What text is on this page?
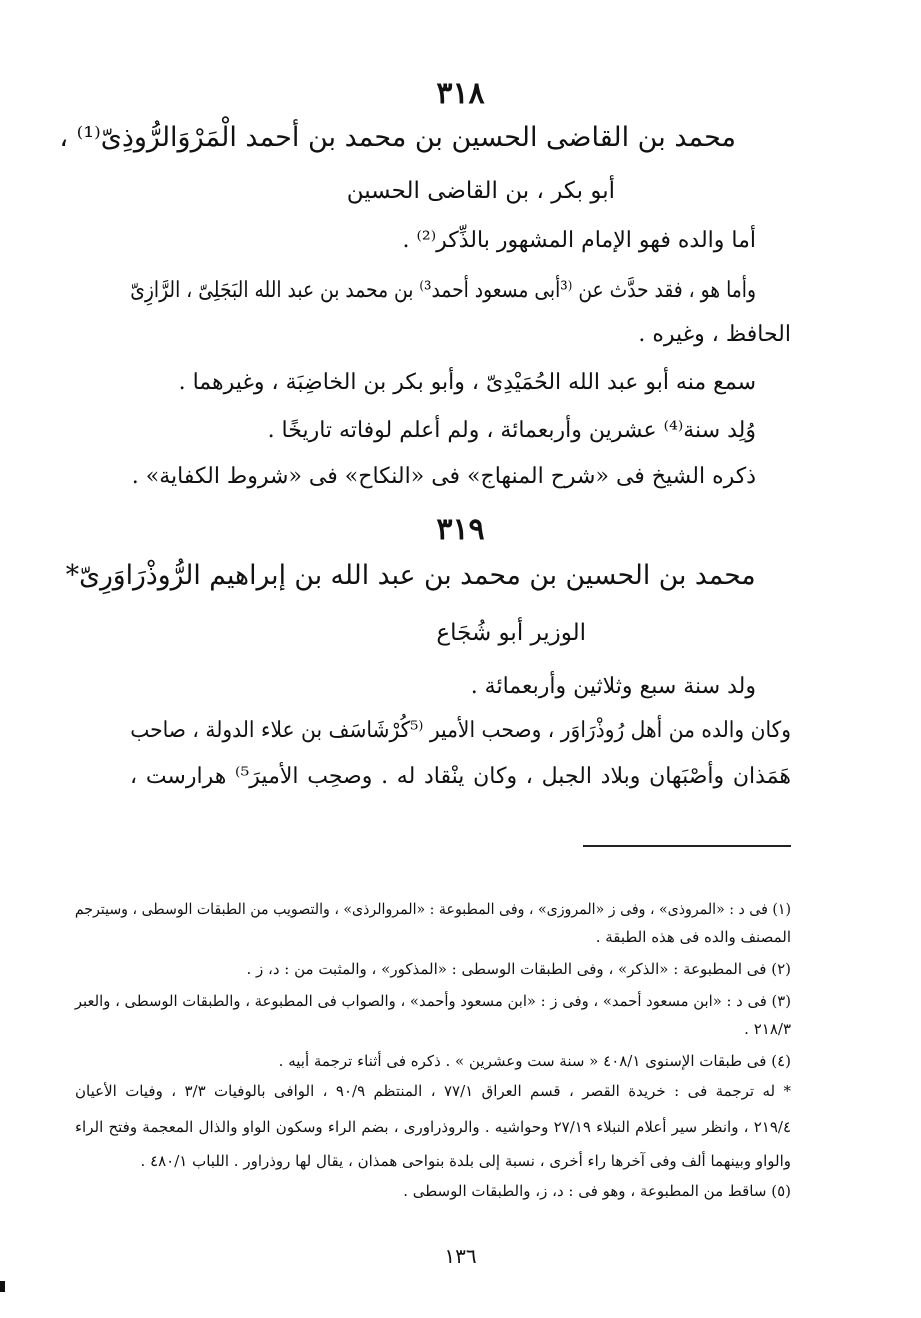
٣١٨
محمد بن القاضى الحسين بن محمد بن أحمد الْمَرْوَالرُّوذِىّ⁽¹⁾ ،
أبو بكر ، بن القاضى الحسين
أما والده فهو الإمام المشهور بالذِّكر⁽²⁾ .
وأما هو ، فقد حدَّث عن ⁽³أبى مسعود أحمد³⁾ بن محمد بن عبد الله البَجَلِىّ ، الرَّازِىّ
الحافظ ، وغيره .
سمع منه أبو عبد الله الحُمَيْدِىّ ، وأبو بكر بن الخاضِبَة ، وغيرهما .
وُلِد سنة⁽⁴⁾ عشرين وأربعمائة ، ولم أعلم لوفاته تاريخًا .
ذكره الشيخ فى «شرح المنهاج» فى «النكاح» فى «شروط الكفاية» .
٣١٩
محمد بن الحسين بن محمد بن عبد الله بن إبراهيم الرُّوذْرَاوَرِىّ*
الوزير أبو شُجَاع
ولد سنة سبع وثلاثين وأربعمائة .
وكان والده من أهل رُوذْرَاوَر ، وصحب الأمير ⁽⁵كُرْشَاسَف بن علاء الدولة ، صاحب
هَمَذان وأصْبَهان وبلاد الجبل ، وكان ينْقاد له . وصحِب الأميرَ⁵⁾ هرارست ،
(١) فى د : «المروذى» ، وفى ز «المروزى» ، وفى المطبوعة : «المروالرذى» ، والتصويب من الطبقات الوسطى ، وسيترجم
المصنف والده فى هذه الطبقة .
(٢) فى المطبوعة : «الذكر» ، وفى الطبقات الوسطى : «المذكور» ، والمثبت من : د، ز .
(٣) فى د : «ابن مسعود أحمد» ، وفى ز : «ابن مسعود وأحمد» ، والصواب فى المطبوعة ، والطبقات الوسطى ، والعبر
٢١٨/٣ .
(٤) فى طبقات الإسنوى ٤٠٨/١ « سنة ست وعشرين » . ذكره فى أثناء ترجمة أبيه .
* له ترجمة فى : خريدة القصر ، قسم العراق ٧٧/١ ، المنتظم ٩٠/٩ ، الوافى بالوفيات ٣/٣ ، وفيات الأعيان
٢١٩/٤ ، وانظر سير أعلام النبلاء ٢٧/١٩ وحواشيه . والروذراورى ، بضم الراء وسكون الواو والذال المعجمة وفتح الراء
والواو وبينهما ألف وفى آخرها راء أخرى ، نسبة إلى بلدة بنواحى همذان ، يقال لها روذراور . اللباب ٤٨٠/١ .
(٥) ساقط من المطبوعة ، وهو فى : د، ز، والطبقات الوسطى .
١٣٦
